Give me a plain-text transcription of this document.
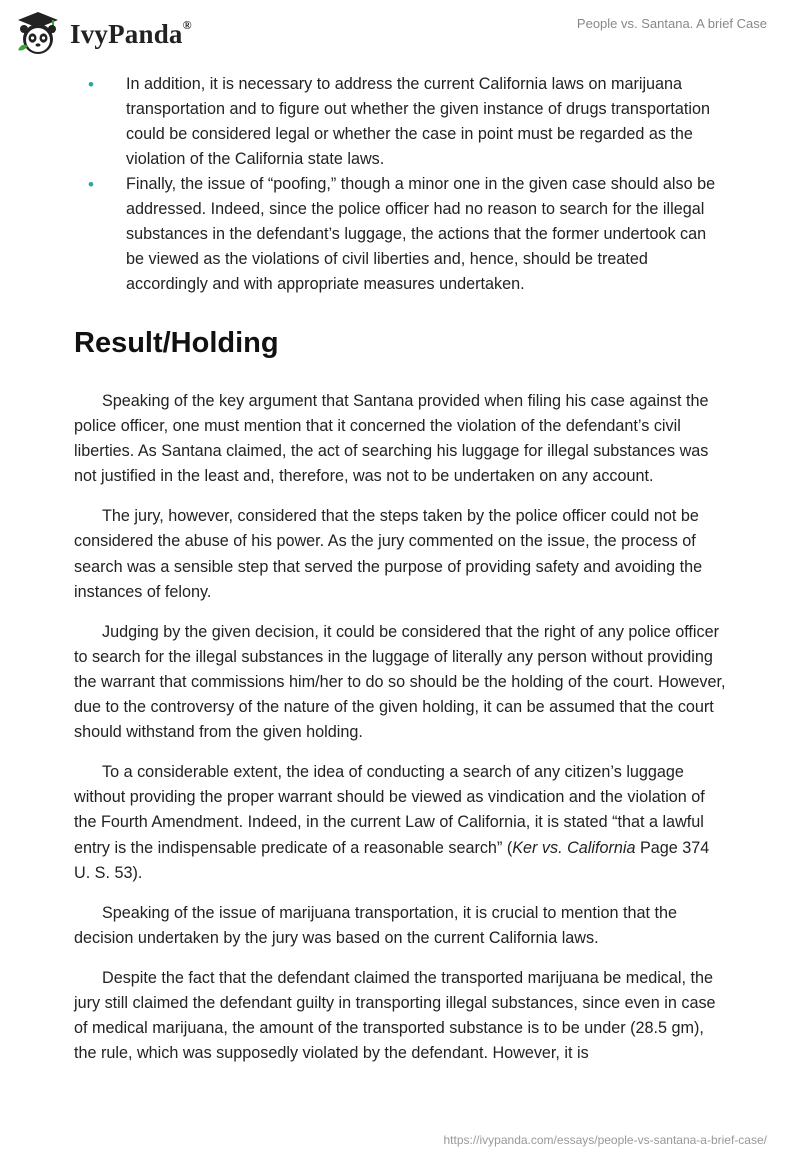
IvyPanda®	People vs. Santana. A brief Case
• In addition, it is necessary to address the current California laws on marijuana transportation and to figure out whether the given instance of drugs transportation could be considered legal or whether the case in point must be regarded as the violation of the California state laws.
• Finally, the issue of “poofing,” though a minor one in the given case should also be addressed. Indeed, since the police officer had no reason to search for the illegal substances in the defendant’s luggage, the actions that the former undertook can be viewed as the violations of civil liberties and, hence, should be treated accordingly and with appropriate measures undertaken.
Result/Holding

Speaking of the key argument that Santana provided when filing his case against the police officer, one must mention that it concerned the violation of the defendant’s civil liberties. As Santana claimed, the act of searching his luggage for illegal substances was not justified in the least and, therefore, was not to be undertaken on any account.

The jury, however, considered that the steps taken by the police officer could not be considered the abuse of his power. As the jury commented on the issue, the process of search was a sensible step that served the purpose of providing safety and avoiding the instances of felony.

Judging by the given decision, it could be considered that the right of any police officer to search for the illegal substances in the luggage of literally any person without providing the warrant that commissions him/her to do so should be the holding of the court. However, due to the controversy of the nature of the given holding, it can be assumed that the court should withstand from the given holding.

To a considerable extent, the idea of conducting a search of any citizen’s luggage without providing the proper warrant should be viewed as vindication and the violation of the Fourth Amendment. Indeed, in the current Law of California, it is stated “that a lawful entry is the indispensable predicate of a reasonable search” (Ker vs. California Page 374 U. S. 53).

Speaking of the issue of marijuana transportation, it is crucial to mention that the decision undertaken by the jury was based on the current California laws.

Despite the fact that the defendant claimed the transported marijuana be medical, the jury still claimed the defendant guilty in transporting illegal substances, since even in case of medical marijuana, the amount of the transported substance is to be under (28.5 gm), the rule, which was supposedly violated by the defendant. However, it is

https://ivypanda.com/essays/people-vs-santana-a-brief-case/
